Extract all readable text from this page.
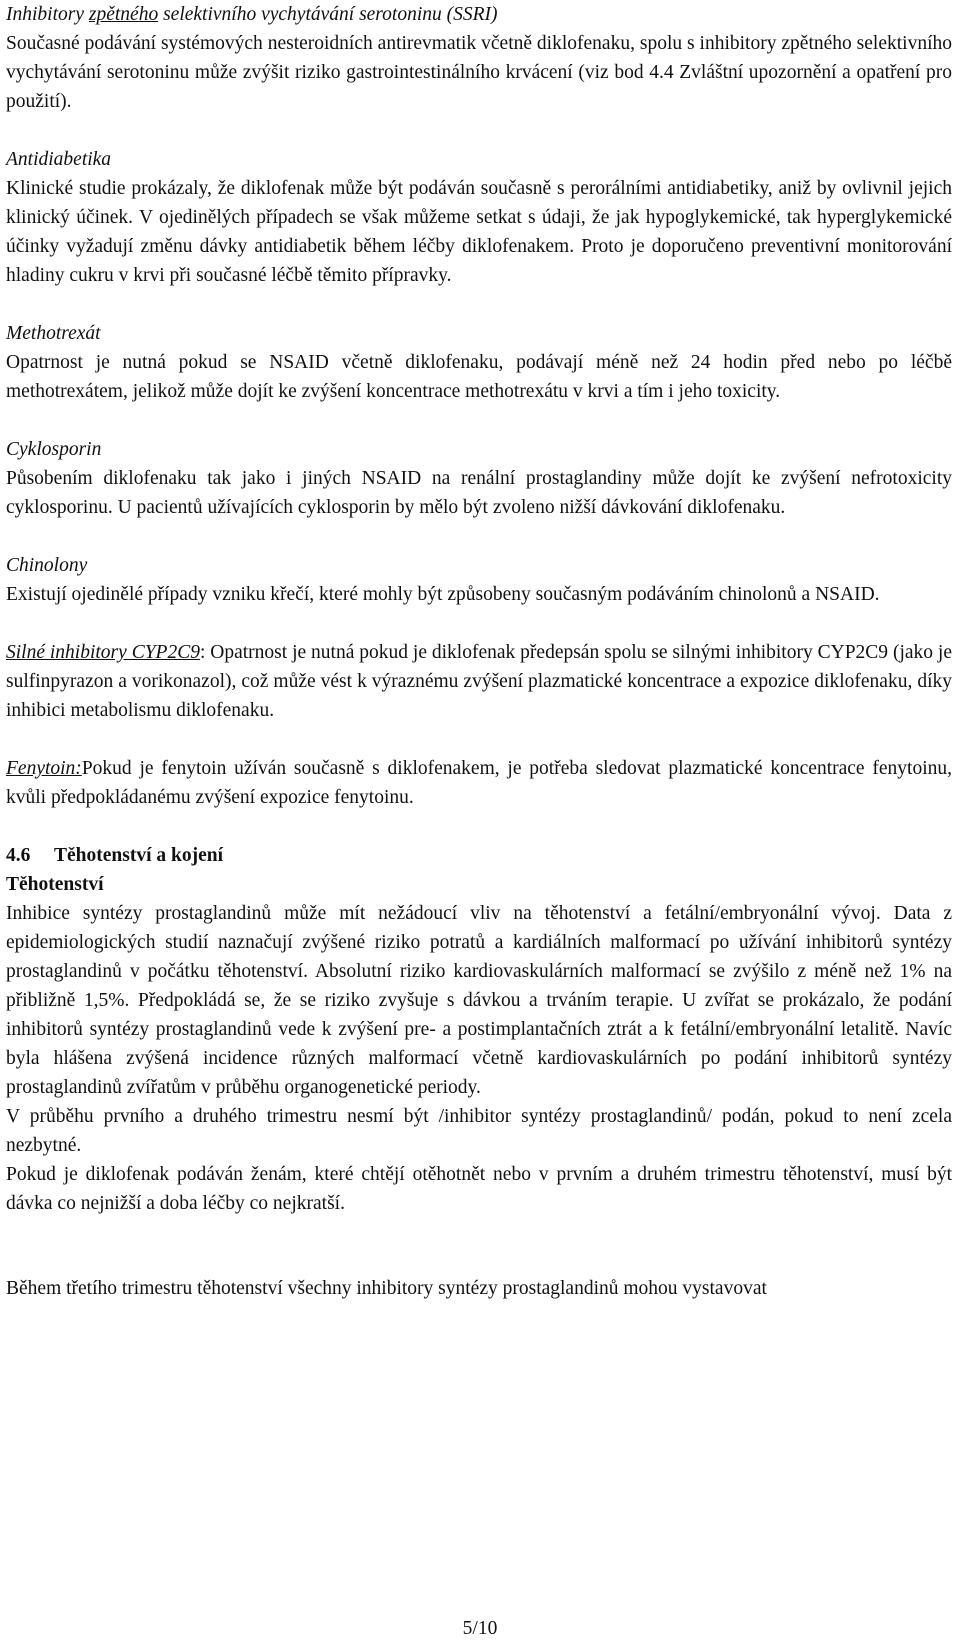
Inhibitory zpětného selektivního vychytávání serotoninu (SSRI)

Současné podávání systémových nesteroidních antirevmatik včetně diklofenaku, spolu s inhibitory zpětného selektivního vychytávání serotoninu může zvýšit riziko gastrointestinálního krvácení (viz bod 4.4 Zvláštní upozornění a opatření pro použití).

Antidiabetika

Klinické studie prokázaly, že diklofenak může být podáván současně s perorálními antidiabetiky, aniž by ovlivnil jejich klinický účinek. V ojedinělých případech se však můžeme setkat s údaji, že jak hypoglykemické, tak hyperglykemické účinky vyžadují změnu dávky antidiabetik během léčby diklofenakem. Proto je doporučeno preventivní monitorování hladiny cukru v krvi při současné léčbě těmito přípravky.

Methotrexát

Opatrnost je nutná pokud se NSAID včetně diklofenaku, podávají méně než 24 hodin před nebo po léčbě methotrexátem, jelikož může dojít ke zvýšení koncentrace methotrexátu v krvi a tím i jeho toxicity.

Cyklosporin

Působením diklofenaku tak jako i jiných NSAID na renální prostaglandiny může dojít ke zvýšení nefrotoxicity cyklosporinu. U pacientů užívajících cyklosporin by mělo být zvoleno nižší dávkování diklofenaku.

Chinolony

Existují ojedinělé případy vzniku křečí, které mohly být způsobeny současným podáváním chinolonů a NSAID.

Silné inhibitory CYP2C9: Opatrnost je nutná pokud je diklofenak předepsán spolu se silnými inhibitory CYP2C9 (jako je sulfinpyrazon a vorikonazol), což může vést k výraznému zvýšení plazmatické koncentrace a expozice diklofenaku, díky inhibici metabolismu diklofenaku.

Fenytoin:Pokud je fenytoin užíván současně s diklofenakem, je potřeba sledovat plazmatické koncentrace fenytoinu, kvůli předpokládanému zvýšení expozice fenytoinu.

4.6 Těhotenství a kojení

Těhotenství

Inhibice syntézy prostaglandinů může mít nežádoucí vliv na těhotenství a fetální/embryonální vývoj. Data z epidemiologických studií naznačují zvýšené riziko potratů a kardiálních malformací po užívání inhibitorů syntézy prostaglandinů v počátku těhotenství. Absolutní riziko kardiovaskulárních malformací se zvýšilo z méně než 1% na přibližně 1,5%. Předpokládá se, že se riziko zvyšuje s dávkou a trváním terapie. U zvířat se prokázalo, že podání inhibitorů syntézy prostaglandinů vede k zvýšení pre- a postimplantačních ztrát a k fetální/embryonální letalitě. Navíc byla hlášena zvýšená incidence různých malformací včetně kardiovaskulárních po podání inhibitorů syntézy prostaglandinů zvířatům v průběhu organogenetické periody.

V průběhu prvního a druhého trimestru nesmí být /inhibitor syntézy prostaglandinů/ podán, pokud to není zcela nezbytné.

Pokud je diklofenak podáván ženám, které chtějí otěhotnět nebo v prvním a druhém trimestru těhotenství, musí být dávka co nejnižší a doba léčby co nejkratší.

Během třetího trimestru těhotenství všechny inhibitory syntézy prostaglandinů mohou vystavovat

5/10
